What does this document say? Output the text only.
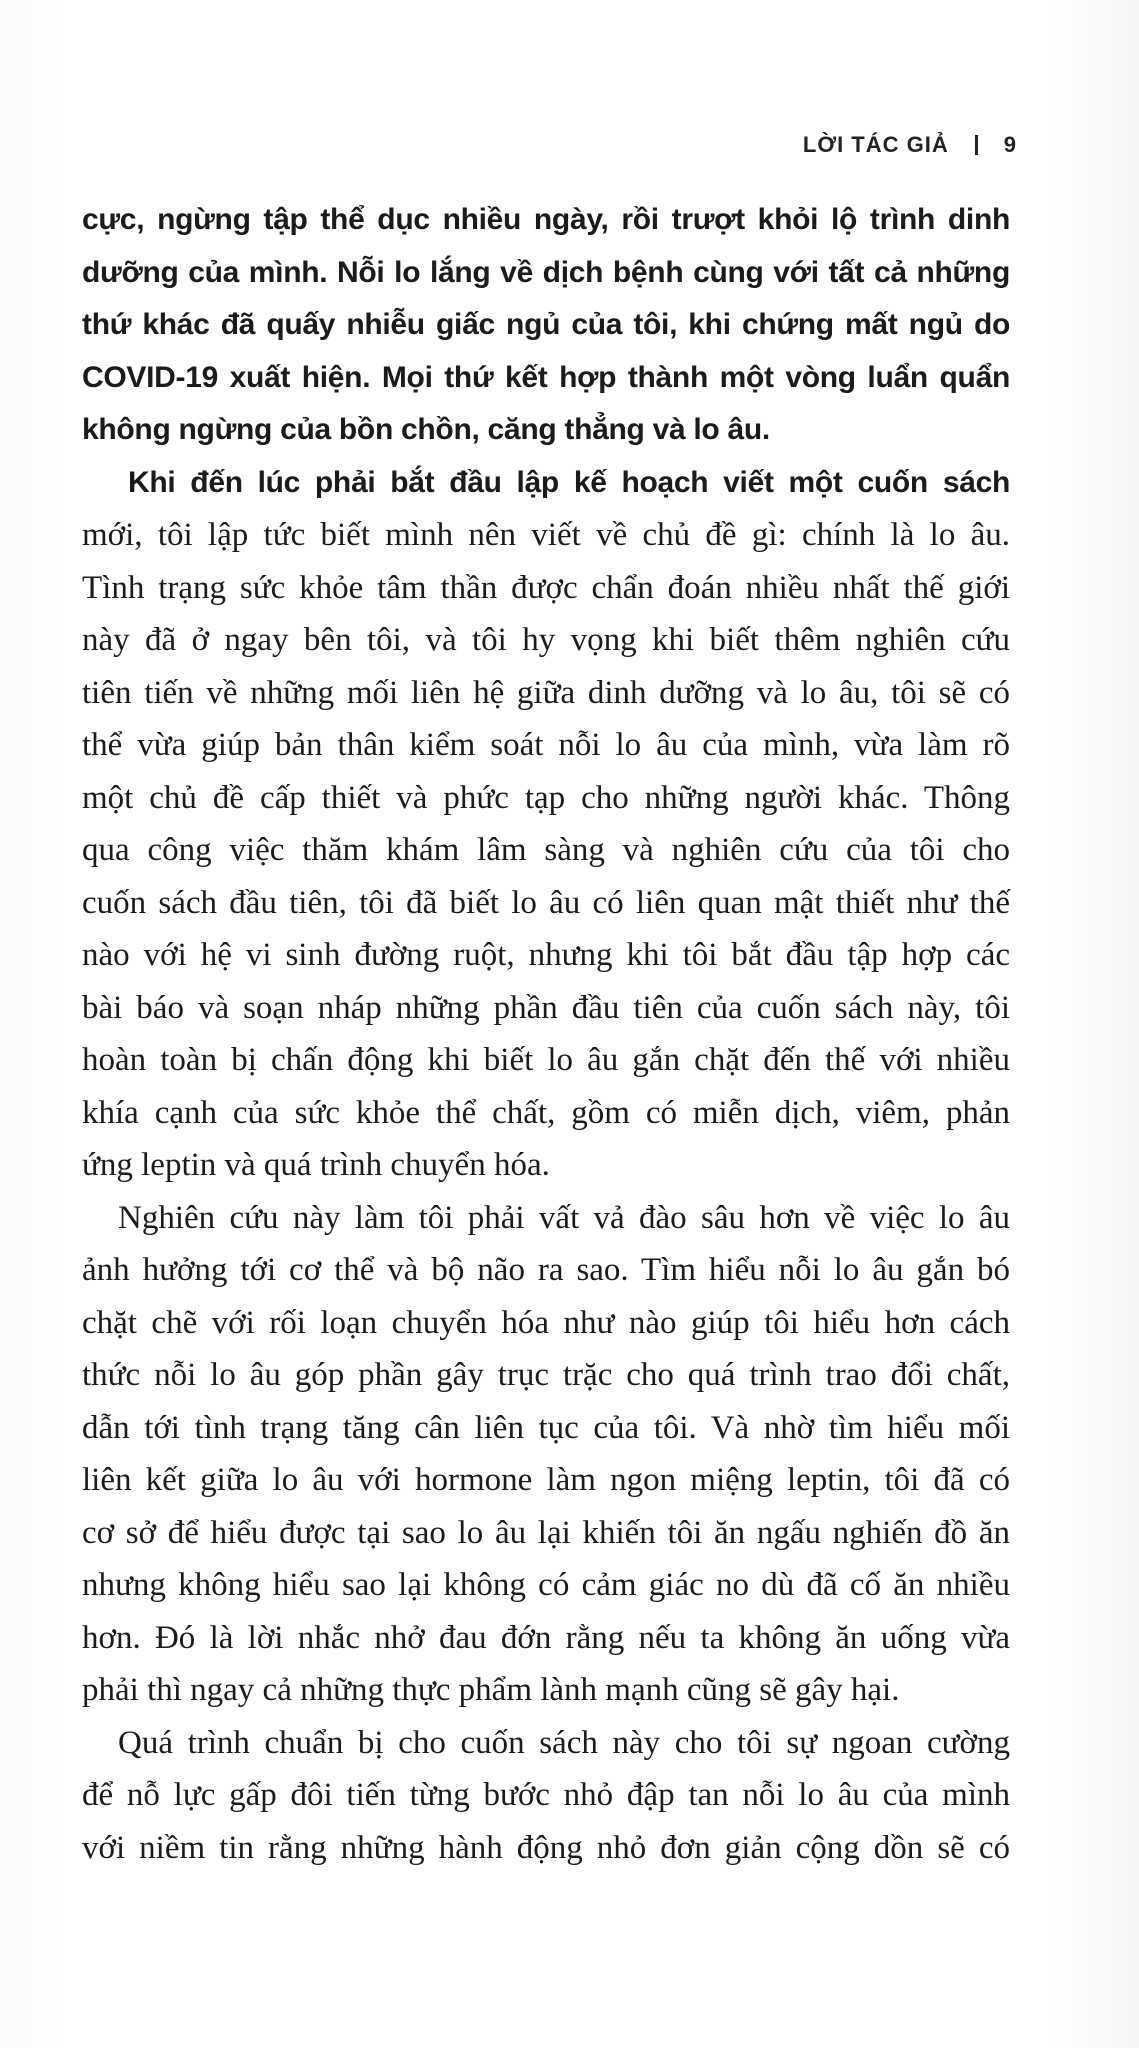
LỜI TÁC GIẢ	9
cực, ngừng tập thể dục nhiều ngày, rồi trượt khỏi lộ trình dinh
dưỡng của mình. Nỗi lo lắng về dịch bệnh cùng với tất cả những
thứ khác đã quấy nhiễu giấc ngủ của tôi, khi chứng mất ngủ do
COVID-19 xuất hiện. Mọi thứ kết hợp thành một vòng luẩn quẩn
không ngừng của bồn chồn, căng thẳng và lo âu.
Khi đến lúc phải bắt đầu lập kế hoạch viết một cuốn sách
mới, tôi lập tức biết mình nên viết về chủ đề gì: chính là lo âu.
Tình trạng sức khỏe tâm thần được chẩn đoán nhiều nhất thế giới
này đã ở ngay bên tôi, và tôi hy vọng khi biết thêm nghiên cứu
tiên tiến về những mối liên hệ giữa dinh dưỡng và lo âu, tôi sẽ có
thể vừa giúp bản thân kiểm soát nỗi lo âu của mình, vừa làm rõ
một chủ đề cấp thiết và phức tạp cho những người khác. Thông
qua công việc thăm khám lâm sàng và nghiên cứu của tôi cho
cuốn sách đầu tiên, tôi đã biết lo âu có liên quan mật thiết như thế
nào với hệ vi sinh đường ruột, nhưng khi tôi bắt đầu tập hợp các
bài báo và soạn nháp những phần đầu tiên của cuốn sách này, tôi
hoàn toàn bị chấn động khi biết lo âu gắn chặt đến thế với nhiều
khía cạnh của sức khỏe thể chất, gồm có miễn dịch, viêm, phản
ứng leptin và quá trình chuyển hóa.
Nghiên cứu này làm tôi phải vất vả đào sâu hơn về việc lo âu
ảnh hưởng tới cơ thể và bộ não ra sao. Tìm hiểu nỗi lo âu gắn bó
chặt chẽ với rối loạn chuyển hóa như nào giúp tôi hiểu hơn cách
thức nỗi lo âu góp phần gây trục trặc cho quá trình trao đổi chất,
dẫn tới tình trạng tăng cân liên tục của tôi. Và nhờ tìm hiểu mối
liên kết giữa lo âu với hormone làm ngon miệng leptin, tôi đã có
cơ sở để hiểu được tại sao lo âu lại khiến tôi ăn ngấu nghiến đồ ăn
nhưng không hiểu sao lại không có cảm giác no dù đã cố ăn nhiều
hơn. Đó là lời nhắc nhở đau đớn rằng nếu ta không ăn uống vừa
phải thì ngay cả những thực phẩm lành mạnh cũng sẽ gây hại.
Quá trình chuẩn bị cho cuốn sách này cho tôi sự ngoan cường
để nỗ lực gấp đôi tiến từng bước nhỏ đập tan nỗi lo âu của mình
với niềm tin rằng những hành động nhỏ đơn giản cộng dồn sẽ có
